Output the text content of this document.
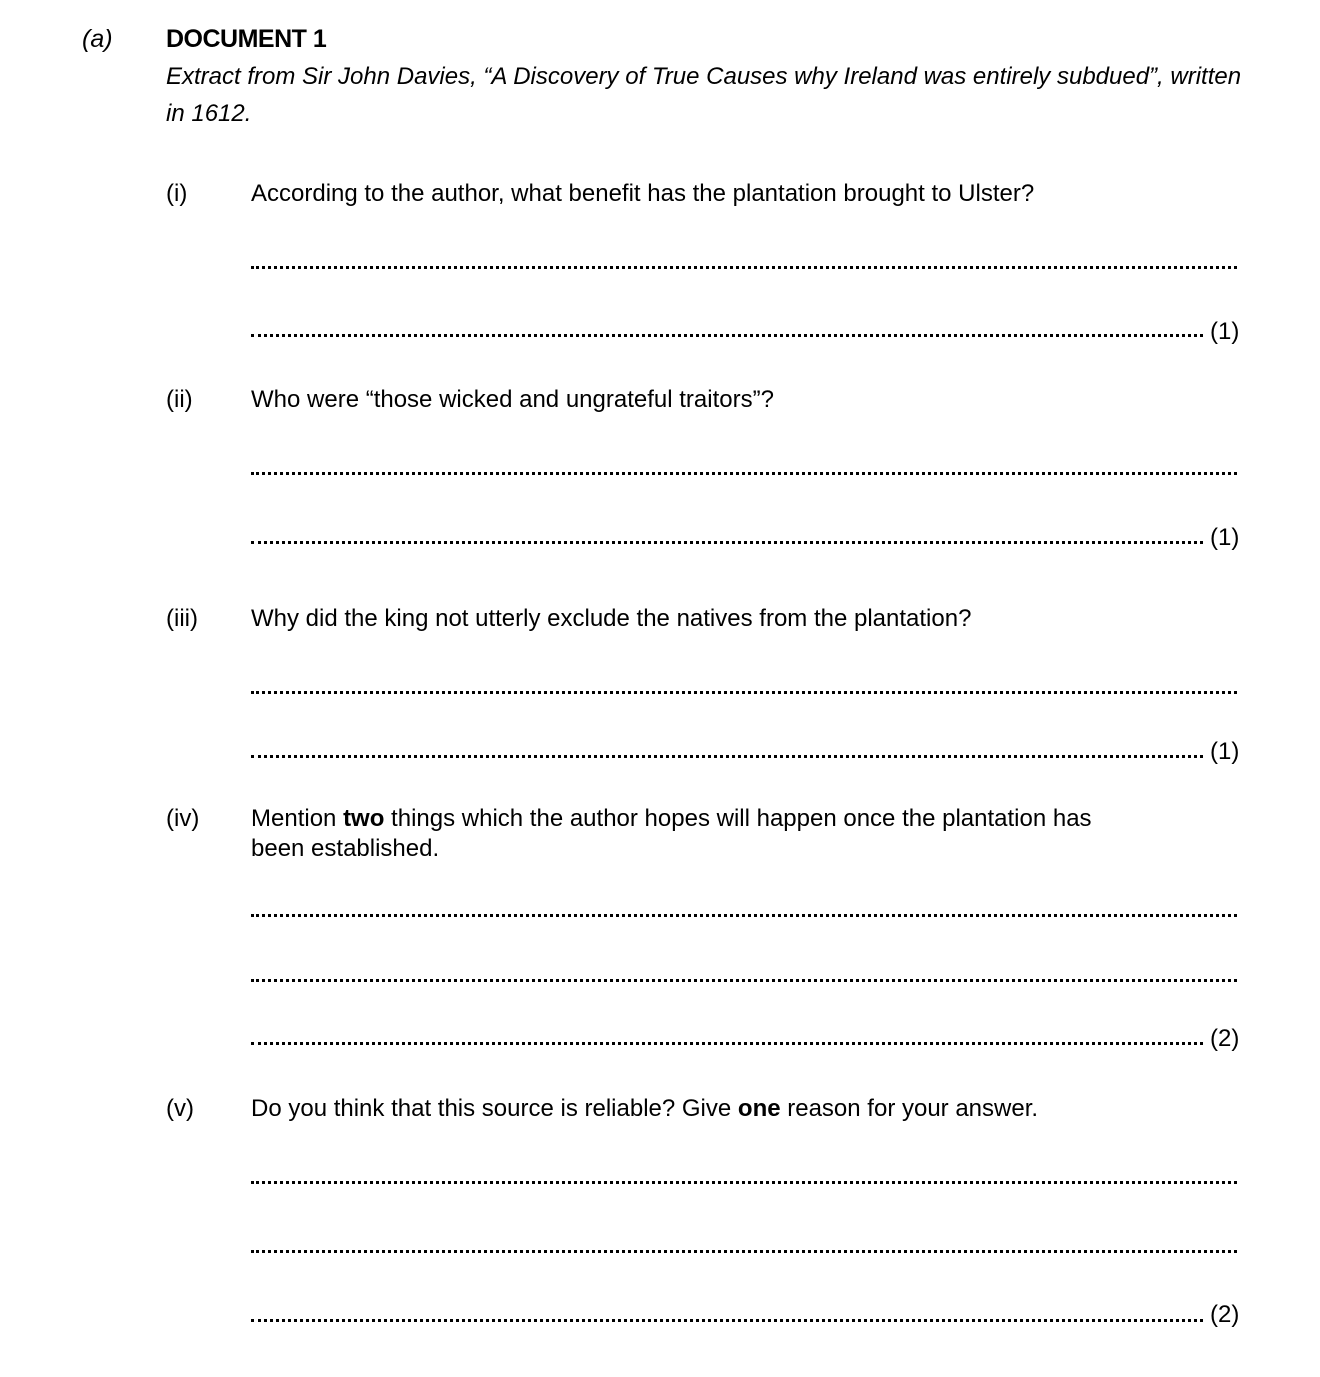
(a) DOCUMENT 1
Extract from Sir John Davies, “A Discovery of True Causes why Ireland was entirely subdued”, written in 1612.
(i)	According to the author, what benefit has the plantation brought to Ulster?
(1)
(ii) Who were “those wicked and ungrateful traitors”?
(1)
(iii) Why did the king not utterly exclude the natives from the plantation?
(1)
(iv) Mention two things which the author hopes will happen once the plantation has been established.
(2)
(v) Do you think that this source is reliable? Give one reason for your answer.
(2)
